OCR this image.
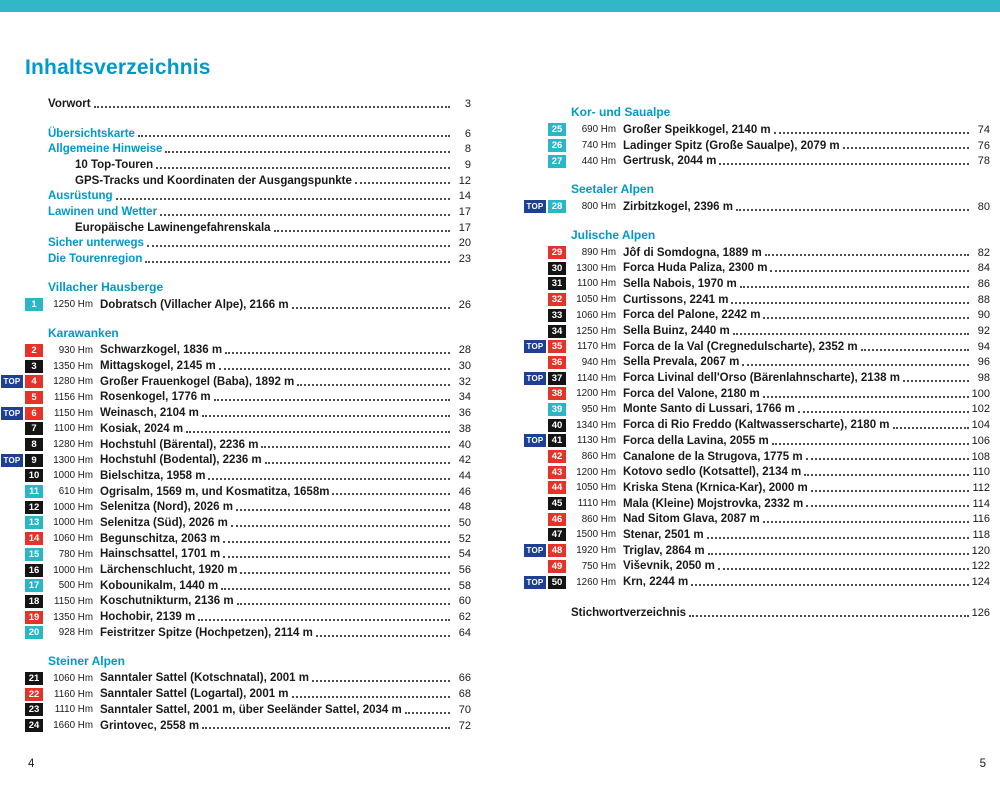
Inhaltsverzeichnis
Vorwort	3
Übersichtskarte	6
Allgemeine Hinweise	8
10 Top-Touren	9
GPS-Tracks und Koordinaten der Ausgangspunkte	12
Ausrüstung	14
Lawinen und Wetter	17
Europäische Lawinengefahrenskala	17
Sicher unterwegs	20
Die Tourenregion	23
Villacher Hausberge
1	1250 Hm Dobratsch (Villacher Alpe), 2166 m	26
Karawanken
2	930 Hm Schwarzkogel, 1836 m	28
3	1350 Hm Mittagskogel, 2145 m	30
TOP	4	1280 Hm Großer Frauenkogel (Baba), 1892 m	32
5	1156 Hm Rosenkogel, 1776 m	34
TOP	6	1150 Hm Weinasch, 2104 m	36
7	1100 Hm Kosiak, 2024 m	38
8	1280 Hm Hochstuhl (Bärental), 2236 m	40
TOP	9	1300 Hm Hochstuhl (Bodental), 2236 m	42
10	1000 Hm Bielschitza, 1958 m	44
11	610 Hm Ogrisalm, 1569 m, und Kosmatitza, 1658m	46
12	1000 Hm Selenitza (Nord), 2026 m	48
13	1000 Hm Selenitza (Süd), 2026 m	50
14	1060 Hm Begunschitza, 2063 m	52
15	780 Hm Hainschsattel, 1701 m	54
16	1000 Hm Lärchenschlucht, 1920 m	56
17	500 Hm Kobounikalm, 1440 m	58
18	1150 Hm Koschutnikturm, 2136 m	60
19	1350 Hm Hochobir, 2139 m	62
20	928 Hm Feistritzer Spitze (Hochpetzen), 2114 m	64
Steiner Alpen
21	1060 Hm Sanntaler Sattel (Kotschnatal), 2001 m	66
22	1160 Hm Sanntaler Sattel (Logartal), 2001 m	68
23	1110 Hm Sanntaler Sattel, 2001 m, über Seeländer Sattel, 2034 m	70
24	1660 Hm Grintovec, 2558 m	72
Kor- und Saualpe
25	690 Hm Großer Speikkogel, 2140 m	74
26	740 Hm Ladinger Spitz (Große Saualpe), 2079 m	76
27	440 Hm Gertrusk, 2044 m	78
Seetaler Alpen
TOP 28	800 Hm Zirbitzkogel, 2396 m	80
Julische Alpen
29	890 Hm Jôf di Somdogna, 1889 m	82
30	1300 Hm Forca Huda Paliza, 2300 m	84
31	1100 Hm Sella Nabois, 1970 m	86
32	1050 Hm Curtissons, 2241 m	88
33	1060 Hm Forca del Palone, 2242 m	90
34	1250 Hm Sella Buinz, 2440 m	92
TOP 35	1170 Hm Forca de la Val (Cregnedulscharte), 2352 m	94
36	940 Hm Sella Prevala, 2067 m	96
TOP 37	1140 Hm Forca Livinal dell'Orso (Bärenlahnscharte), 2138 m	98
38	1200 Hm Forca del Valone, 2180 m	100
39	950 Hm Monte Santo di Lussari, 1766 m	102
40	1340 Hm Forca di Rio Freddo (Kaltwasserscharte), 2180 m	104
TOP 41	1130 Hm Forca della Lavina, 2055 m	106
42	860 Hm Canalone de la Strugova, 1775 m	108
43	1200 Hm Kotovo sedlo (Kotsattel), 2134 m	110
44	1050 Hm Kriska Stena (Krnica-Kar), 2000 m	112
45	1110 Hm Mala (Kleine) Mojstrovka, 2332 m	114
46	860 Hm Nad Sitom Glava, 2087 m	116
47	1500 Hm Stenar, 2501 m	118
TOP 48	1920 Hm Triglav, 2864 m	120
49	750 Hm Viševnik, 2050 m	122
TOP 50	1260 Hm Krn, 2244 m	124
Stichwortverzeichnis	126
4	5
